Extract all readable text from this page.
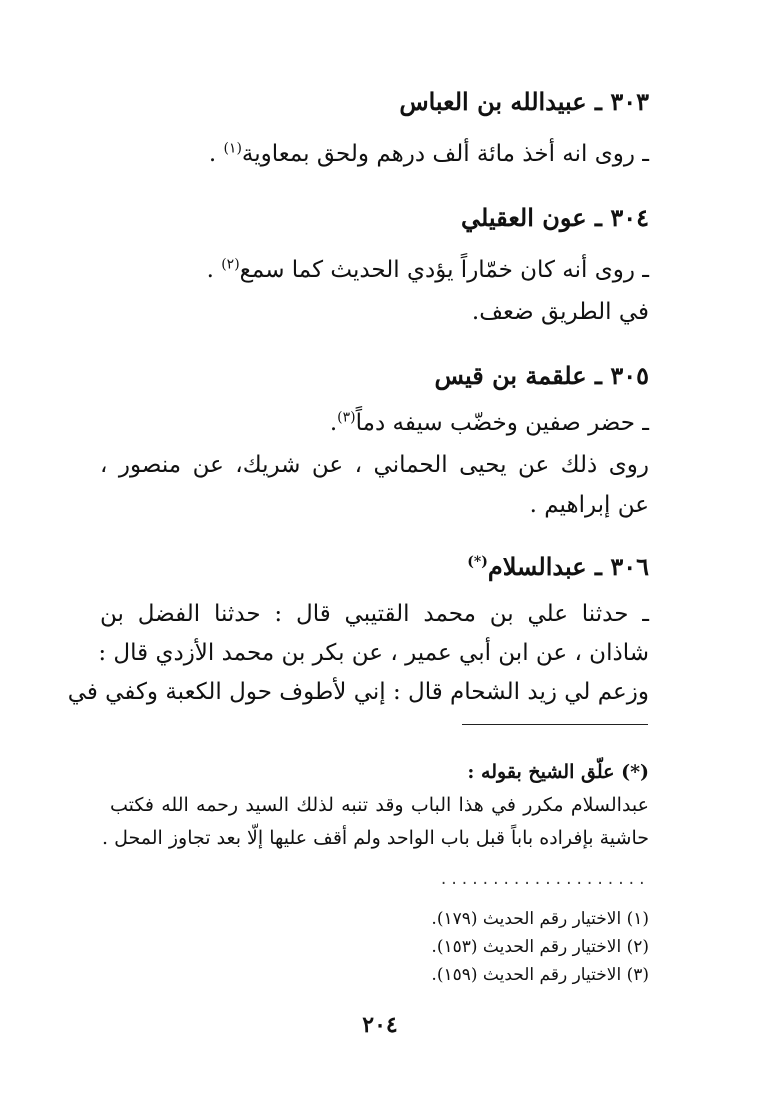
٣٠٣ ـ عبيدالله بن العباس
ـ روى انه أخذ مائة ألف درهم ولحق بمعاوية$^{(١)}$ .
٣٠٤ ـ عون العقيلي
ـ روى أنه كان خمّاراً يؤدي الحديث كما سمع$^{(٢)}$ .
في الطريق ضعف.
٣٠٥ ـ علقمة بن قيس
ـ حضر صفين وخضّب سيفه دماً$^{(٣)}$.
روى ذلك عن يحيى الحماني ، عن شريك، عن منصور ،
عن إبراهيم .
٣٠٦ ـ عبدالسلام(*)
ـ حدثنا علي بن محمد القتيبي قال : حدثنا الفضل بن
شاذان ، عن ابن أبي عمير ، عن بكر بن محمد الأزدي قال :
وزعم لي زيد الشحام قال : إني لأطوف حول الكعبة وكفي في
(*) علّق الشيخ بقوله :
عبدالسلام مكرر في هذا الباب وقد تنبه لذلك السيد رحمه الله فكتب
حاشية بإفراده باباً قبل باب الواحد ولم أقف عليها إلّا بعد تجاوز المحل .
....................
(١) الاختيار رقم الحديث (١٧٩).
(٢) الاختيار رقم الحديث (١٥٣).
(٣) الاختيار رقم الحديث (١٥٩).
٢٠٤
